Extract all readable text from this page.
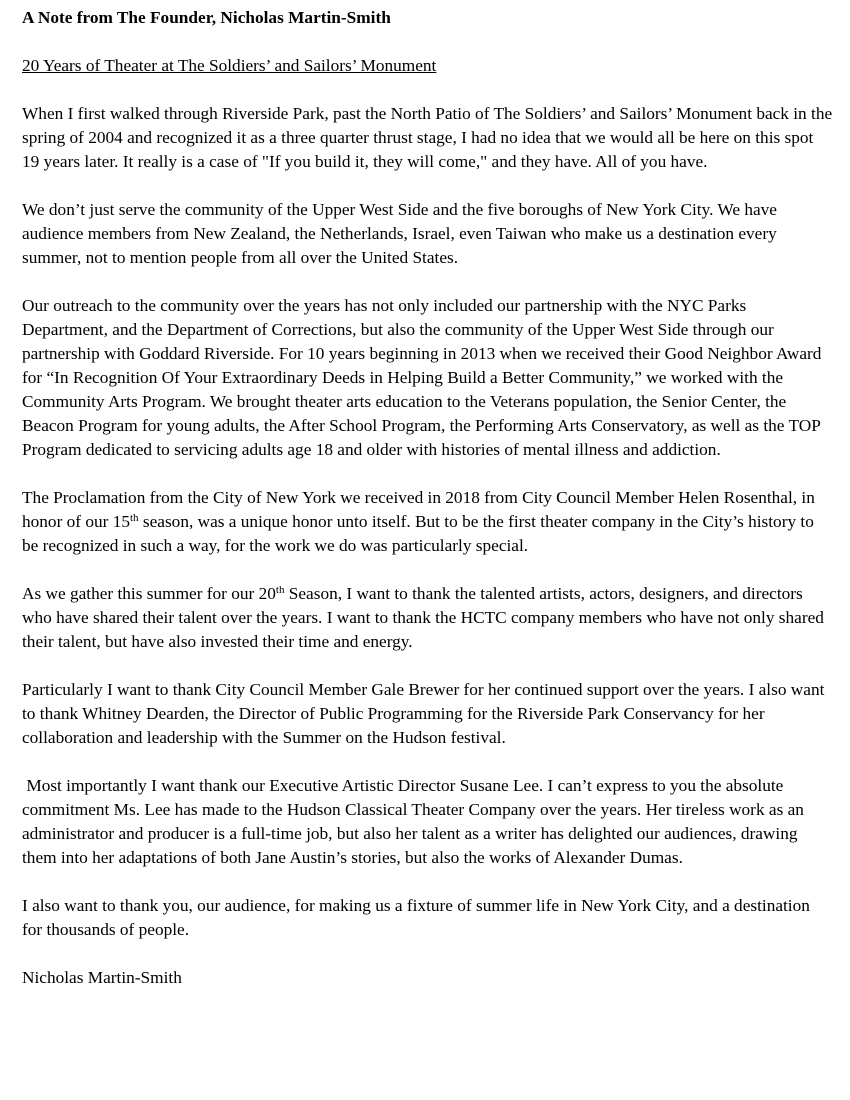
A Note from The Founder, Nicholas Martin-Smith
20 Years of Theater at The Soldiers’ and Sailors’ Monument

When I first walked through Riverside Park, past the North Patio of The Soldiers’ and Sailors’ Monument back in the spring of 2004 and recognized it as a three quarter thrust stage, I had no idea that we would all be here on this spot 19 years later. It really is a case of "If you build it, they will come," and they have. All of you have.

We don’t just serve the community of the Upper West Side and the five boroughs of New York City. We have audience members from New Zealand, the Netherlands, Israel, even Taiwan who make us a destination every summer, not to mention people from all over the United States.

Our outreach to the community over the years has not only included our partnership with the NYC Parks Department, and the Department of Corrections, but also the community of the Upper West Side through our partnership with Goddard Riverside. For 10 years beginning in 2013 when we received their Good Neighbor Award for “In Recognition Of Your Extraordinary Deeds in Helping Build a Better Community,” we worked with the Community Arts Program. We brought theater arts education to the Veterans population, the Senior Center, the Beacon Program for young adults, the After School Program, the Performing Arts Conservatory, as well as the TOP Program dedicated to servicing adults age 18 and older with histories of mental illness and addiction.

The Proclamation from the City of New York we received in 2018 from City Council Member Helen Rosenthal, in honor of our 15th season, was a unique honor unto itself. But to be the first theater company in the City’s history to be recognized in such a way, for the work we do was particularly special.

As we gather this summer for our 20th Season, I want to thank the talented artists, actors, designers, and directors who have shared their talent over the years. I want to thank the HCTC company members who have not only shared their talent, but have also invested their time and energy.

Particularly I want to thank City Council Member Gale Brewer for her continued support over the years. I also want to thank Whitney Dearden, the Director of Public Programming for the Riverside Park Conservancy for her collaboration and leadership with the Summer on the Hudson festival.

Most importantly I want thank our Executive Artistic Director Susane Lee. I can’t express to you the absolute commitment Ms. Lee has made to the Hudson Classical Theater Company over the years. Her tireless work as an administrator and producer is a full-time job, but also her talent as a writer has delighted our audiences, drawing them into her adaptations of both Jane Austin’s stories, but also the works of Alexander Dumas.

I also want to thank you, our audience, for making us a fixture of summer life in New York City, and a destination for thousands of people.

Nicholas Martin-Smith
